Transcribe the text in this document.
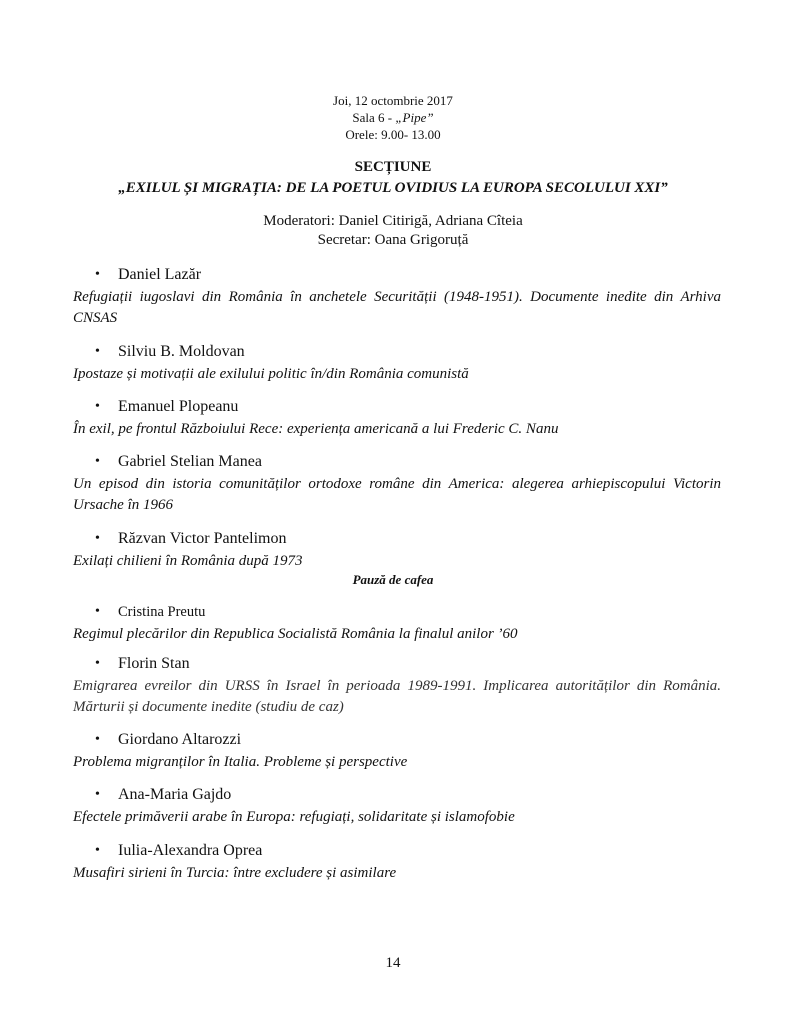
Joi, 12 octombrie 2017
Sala 6 - „Pipe”
Orele: 9.00- 13.00
SECȚIUNE
„EXILUL ȘI MIGRAȚIA: DE LA POETUL OVIDIUS LA EUROPA SECOLULUI XXI”
Moderatori: Daniel Citirigă, Adriana Cîteia
Secretar: Oana Grigoruță
• Daniel Lazăr
Refugiații iugoslavi din România în anchetele Securității (1948-1951). Documente inedite din Arhiva CNSAS
• Silviu B. Moldovan
Ipostaze și motivații ale exilului politic în/din România comunistă
• Emanuel Plopeanu
În exil, pe frontul Războiului Rece: experiența americană a lui Frederic C. Nanu
• Gabriel Stelian Manea
Un episod din istoria comunităților ortodoxe române din America: alegerea arhiepiscopului Victorin Ursache în 1966
• Răzvan Victor Pantelimon
Exilați chilieni în România după 1973
Pauză de cafea
• Cristina Preutu
Regimul plecărilor din Republica Socialistă România la finalul anilor ’60
• Florin Stan
Emigrarea evreilor din URSS în Israel în perioada 1989-1991. Implicarea autorităților din România. Mărturii și documente inedite (studiu de caz)
• Giordano Altarozzi
Problema migranților în Italia. Probleme și perspective
• Ana-Maria Gajdo
Efectele primăverii arabe în Europa: refugiați, solidaritate și islamofobie
• Iulia-Alexandra Oprea
Musafiri sirieni în Turcia: între excludere și asimilare
14
